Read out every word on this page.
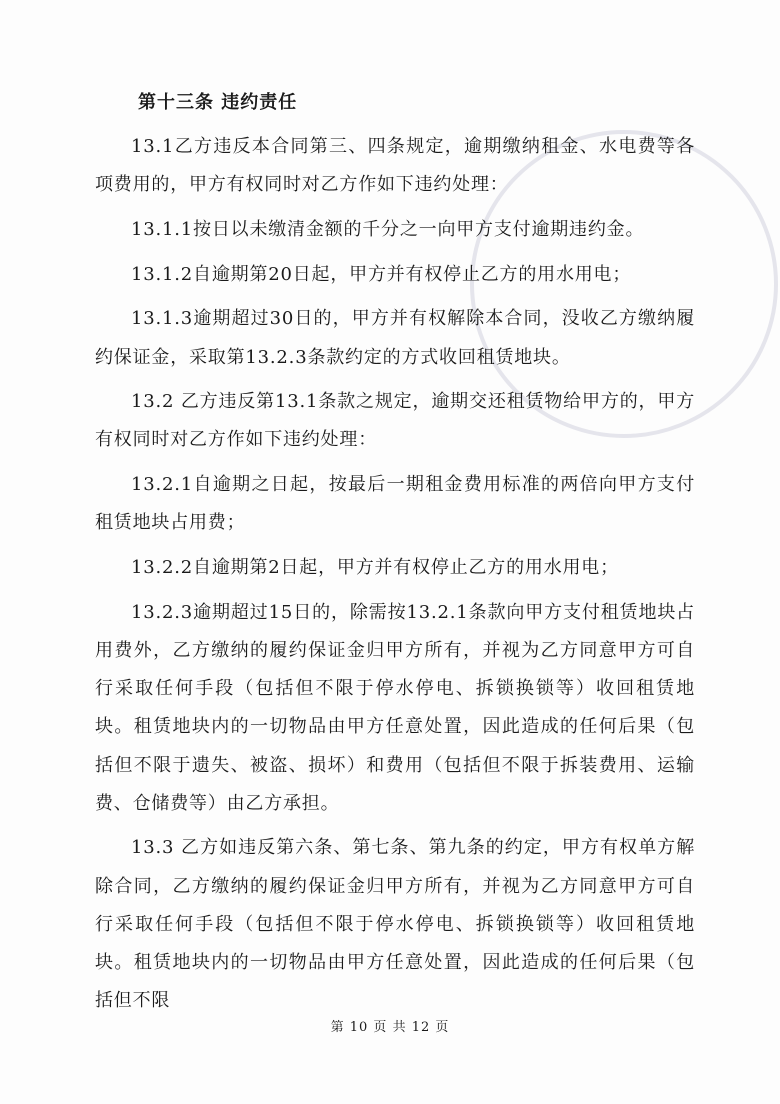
第十三条 违约责任

13.1乙方违反本合同第三、四条规定，逾期缴纳租金、水电费等各项费用的，甲方有权同时对乙方作如下违约处理：

13.1.1按日以未缴清金额的千分之一向甲方支付逾期违约金。

13.1.2自逾期第20日起，甲方并有权停止乙方的用水用电；

13.1.3逾期超过30日的，甲方并有权解除本合同，没收乙方缴纳履约保证金，采取第13.2.3条款约定的方式收回租赁地块。

13.2 乙方违反第13.1条款之规定，逾期交还租赁物给甲方的，甲方有权同时对乙方作如下违约处理：

13.2.1自逾期之日起，按最后一期租金费用标准的两倍向甲方支付租赁地块占用费；

13.2.2自逾期第2日起，甲方并有权停止乙方的用水用电；

13.2.3逾期超过15日的，除需按13.2.1条款向甲方支付租赁地块占用费外，乙方缴纳的履约保证金归甲方所有，并视为乙方同意甲方可自行采取任何手段（包括但不限于停水停电、拆锁换锁等）收回租赁地块。租赁地块内的一切物品由甲方任意处置，因此造成的任何后果（包括但不限于遗失、被盗、损坏）和费用（包括但不限于拆装费用、运输费、仓储费等）由乙方承担。

13.3 乙方如违反第六条、第七条、第九条的约定，甲方有权单方解除合同，乙方缴纳的履约保证金归甲方所有，并视为乙方同意甲方可自行采取任何手段（包括但不限于停水停电、拆锁换锁等）收回租赁地块。租赁地块内的一切物品由甲方任意处置，因此造成的任何后果（包括但不限

第 10 页 共 12 页
